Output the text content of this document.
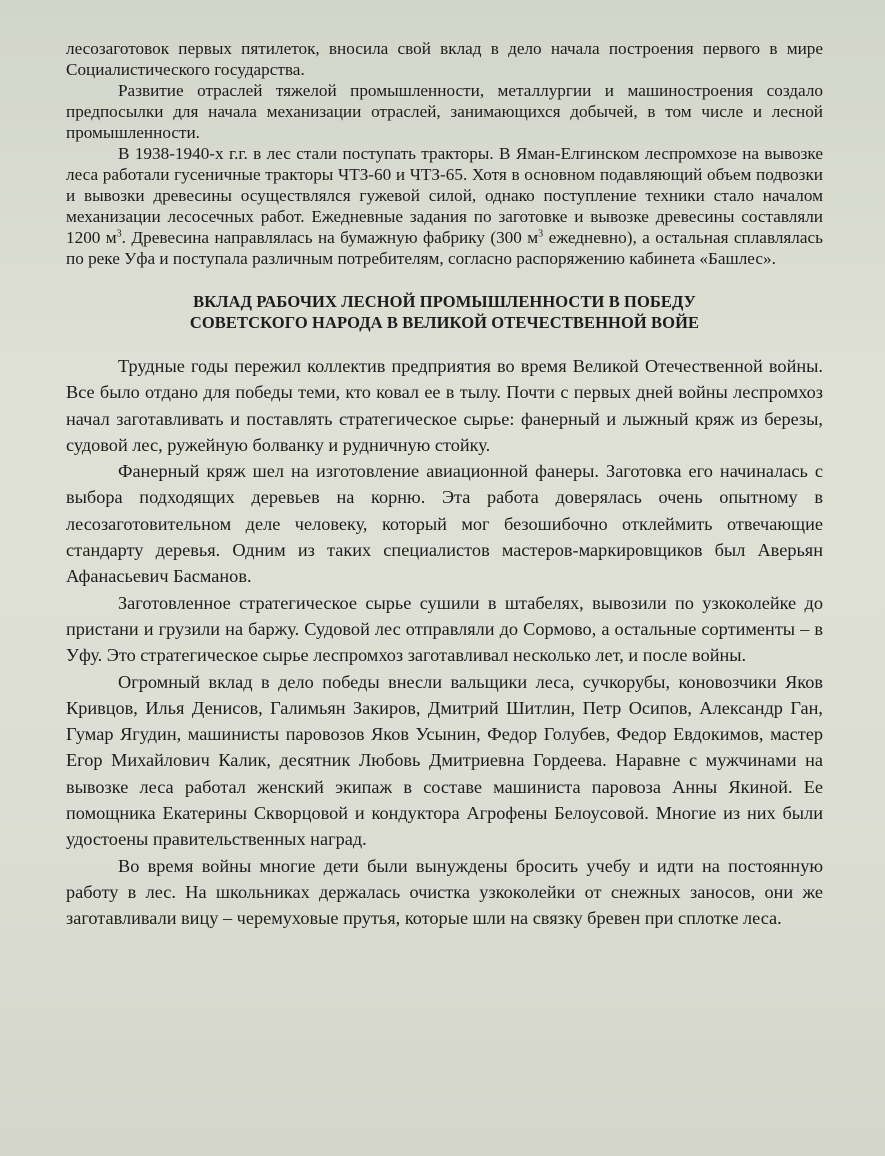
лесозаготовок первых пятилеток, вносила свой вклад в дело начала построения первого в мире Социалистического государства.

Развитие отраслей тяжелой промышленности, металлургии и машиностроения создало предпосылки для начала механизации отраслей, занимающихся добычей, в том числе и лесной промышленности.

В 1938-1940-х г.г. в лес стали поступать тракторы. В Яман-Елгинском леспромхозе на вывозке леса работали гусеничные тракторы ЧТЗ-60 и ЧТЗ-65. Хотя в основном подавляющий объем подвозки и вывозки древесины осуществлялся гужевой силой, однако поступление техники стало началом механизации лесосечных работ. Ежедневные задания по заготовке и вывозке древесины составляли 1200 $м^3$. Древесина направлялась на бумажную фабрику (300 $м^3$ ежедневно), а остальная сплавлялась по реке Уфа и поступала различным потребителям, согласно распоряжению кабинета «Башлес».

ВКЛАД РАБОЧИХ ЛЕСНОЙ ПРОМЫШЛЕННОСТИ В ПОБЕДУ
СОВЕТСКОГО НАРОДА В ВЕЛИКОЙ ОТЕЧЕСТВЕННОЙ ВОЙЕ

Трудные годы пережил коллектив предприятия во время Великой Отечественной войны. Все было отдано для победы теми, кто ковал ее в тылу. Почти с первых дней войны леспромхоз начал заготавливать и поставлять стратегическое сырье: фанерный и лыжный кряж из березы, судовой лес, ружейную болванку и рудничную стойку.

Фанерный кряж шел на изготовление авиационной фанеры. Заготовка его начиналась с выбора подходящих деревьев на корню. Эта работа доверялась очень опытному в лесозаготовительном деле человеку, который мог безошибочно отклеймить отвечающие стандарту деревья. Одним из таких специалистов мастеров-маркировщиков был Аверьян Афанасьевич Басманов.

Заготовленное стратегическое сырье сушили в штабелях, вывозили по узкоколейке до пристани и грузили на баржу. Судовой лес отправляли до Сормово, а остальные сортименты – в Уфу. Это стратегическое сырье леспромхоз заготавливал несколько лет, и после войны.

Огромный вклад в дело победы внесли вальщики леса, сучкорубы, коновозчики Яков Кривцов, Илья Денисов, Галимьян Закиров, Дмитрий Шитлин, Петр Осипов, Александр Ган, Гумар Ягудин, машинисты паровозов Яков Усынин, Федор Голубев, Федор Евдокимов, мастер Егор Михайлович Калик, десятник Любовь Дмитриевна Гордеева. Наравне с мужчинами на вывозке леса работал женский экипаж в составе машиниста паровоза Анны Якиной. Ее помощника Екатерины Скворцовой и кондуктора Агрофены Белоусовой. Многие из них были удостоены правительственных наград.

Во время войны многие дети были вынуждены бросить учебу и идти на постоянную работу в лес. На школьниках держалась очистка узкоколейки от снежных заносов, они же заготавливали вицу – черемуховые прутья, которые шли на связку бревен при сплотке леса.
